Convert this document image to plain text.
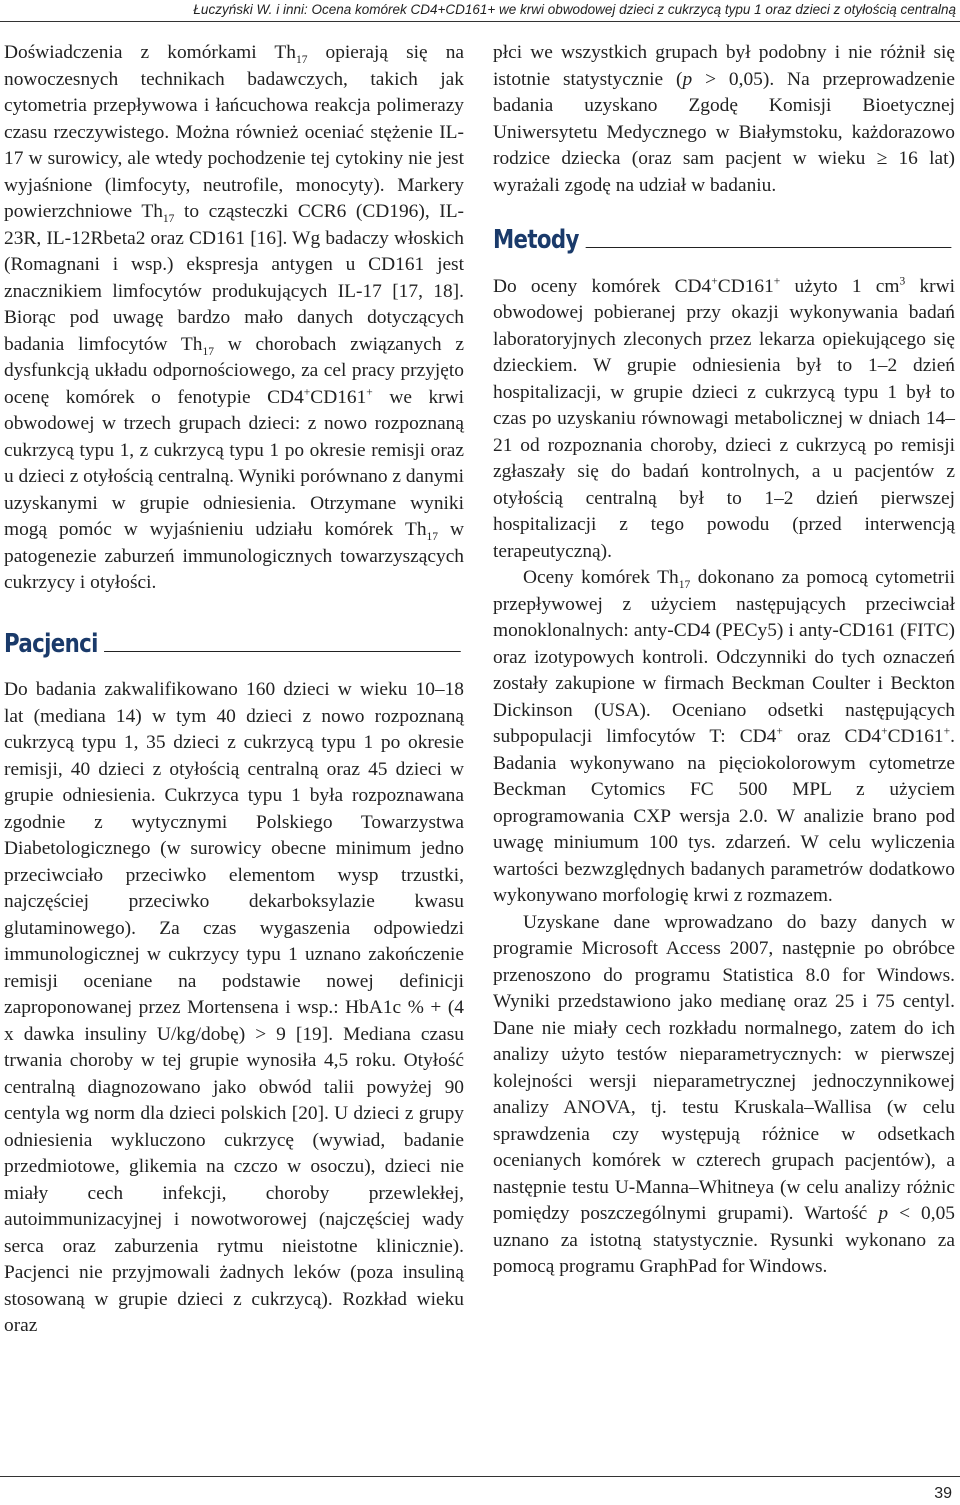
Łuczyński W. i inni: Ocena komórek CD4+CD161+ we krwi obwodowej dzieci z cukrzycą typu 1 oraz dzieci z otyłością centralną

Doświadczenia z komórkami $Th_{17}$ opierają się na nowoczesnych technikach badawczych, takich jak cytometria przepływowa i łańcuchowa reakcja polimerazy czasu rzeczywistego. Można również oceniać stężenie IL-17 w surowicy, ale wtedy pochodzenie tej cytokiny nie jest wyjaśnione (limfocyty, neutrofile, monocyty). Markery powierzchniowe $Th_{17}$ to cząsteczki CCR6 (CD196), IL-23R, IL-12Rbeta2 oraz CD161 [16]. Wg badaczy włoskich (Romagnani i wsp.) ekspresja antygen u CD161 jest znacznikiem limfocytów produkujących IL-17 [17, 18]. Biorąc pod uwagę bardzo mało danych dotyczących badania limfocytów $Th_{17}$ w chorobach związanych z dysfunkcją układu odpornościowego, za cel pracy przyjęto ocenę komórek o fenotypie CD4+CD161+ we krwi obwodowej w trzech grupach dzieci: z nowo rozpoznaną cukrzycą typu 1, z cukrzycą typu 1 po okresie remisji oraz u dzieci z otyłością centralną. Wyniki porównano z danymi uzyskanymi w grupie odniesienia. Otrzymane wyniki mogą pomóc w wyjaśnieniu udziału komórek $Th_{17}$ w patogenezie zaburzeń immunologicznych towarzyszących cukrzycy i otyłości.

Pacjenci

Do badania zakwalifikowano 160 dzieci w wieku 10–18 lat (mediana 14) w tym 40 dzieci z nowo rozpoznaną cukrzycą typu 1, 35 dzieci z cukrzycą typu 1 po okresie remisji, 40 dzieci z otyłością centralną oraz 45 dzieci w grupie odniesienia. Cukrzyca typu 1 była rozpoznawana zgodnie z wytycznymi Polskiego Towarzystwa Diabetologicznego (w surowicy obecne minimum jedno przeciwciało przeciwko elementom wysp trzustki, najczęściej przeciwko dekarboksylazie kwasu glutaminowego). Za czas wygaszenia odpowiedzi immunologicznej w cukrzycy typu 1 uznano zakończenie remisji oceniane na podstawie nowej definicji zaproponowanej przez Mortensena i wsp.: HbA1c % + (4 x dawka insuliny U/kg/dobę) > 9 [19]. Mediana czasu trwania choroby w tej grupie wynosiła 4,5 roku. Otyłość centralną diagnozowano jako obwód talii powyżej 90 centyla wg norm dla dzieci polskich [20]. U dzieci z grupy odniesienia wykluczono cukrzycę (wywiad, badanie przedmiotowe, glikemia na czczo w osoczu), dzieci nie miały cech infekcji, choroby przewlekłej, autoimmunizacyjnej i nowotworowej (najczęściej wady serca oraz zaburzenia rytmu nieistotne klinicznie). Pacjenci nie przyjmowali żadnych leków (poza insuliną stosowaną w grupie dzieci z cukrzycą). Rozkład wieku oraz

płci we wszystkich grupach był podobny i nie różnił się istotnie statystycznie (p > 0,05). Na przeprowadzenie badania uzyskano Zgodę Komisji Bioetycznej Uniwersytetu Medycznego w Białymstoku, każdorazowo rodzice dziecka (oraz sam pacjent w wieku ≥ 16 lat) wyrażali zgodę na udział w badaniu.

Metody

Do oceny komórek CD4+CD161+ użyto 1 $cm^3$ krwi obwodowej pobieranej przy okazji wykonywania badań laboratoryjnych zleconych przez lekarza opiekującego się dzieckiem. W grupie odniesienia był to 1–2 dzień hospitalizacji, w grupie dzieci z cukrzycą typu 1 był to czas po uzyskaniu równowagi metabolicznej w dniach 14–21 od rozpoznania choroby, dzieci z cukrzycą po remisji zgłaszały się do badań kontrolnych, a u pacjentów z otyłością centralną był to 1–2 dzień pierwszej hospitalizacji z tego powodu (przed interwencją terapeutyczną).

Oceny komórek $Th_{17}$ dokonano za pomocą cytometrii przepływowej z użyciem następujących przeciwciał monoklonalnych: anty-CD4 (PECy5) i anty-CD161 (FITC) oraz izotypowych kontroli. Odczynniki do tych oznaczeń zostały zakupione w firmach Beckman Coulter i Beckton Dickinson (USA). Oceniano odsetki następujących subpopulacji limfocytów T: CD4+ oraz CD4+CD161+. Badania wykonywano na pięciokolorowym cytometrze Beckman Cytomics FC 500 MPL z użyciem oprogramowania CXP wersja 2.0. W analizie brano pod uwagę miniumum 100 tys. zdarzeń. W celu wyliczenia wartości bezwzględnych badanych parametrów dodatkowo wykonywano morfologię krwi z rozmazem.

Uzyskane dane wprowadzano do bazy danych w programie Microsoft Access 2007, następnie po obróbce przenoszono do programu Statistica 8.0 for Windows. Wyniki przedstawiono jako medianę oraz 25 i 75 centyl. Dane nie miały cech rozkładu normalnego, zatem do ich analizy użyto testów nieparametrycznych: w pierwszej kolejności wersji nieparametrycznej jednoczynnikowej analizy ANOVA, tj. testu Kruskala–Wallisa (w celu sprawdzenia czy występują różnice w odsetkach ocenianych komórek w czterech grupach pacjentów), a następnie testu U-Manna–Whitneya (w celu analizy różnic pomiędzy poszczególnymi grupami). Wartość p < 0,05 uznano za istotną statystycznie. Rysunki wykonano za pomocą programu GraphPad for Windows.

39
